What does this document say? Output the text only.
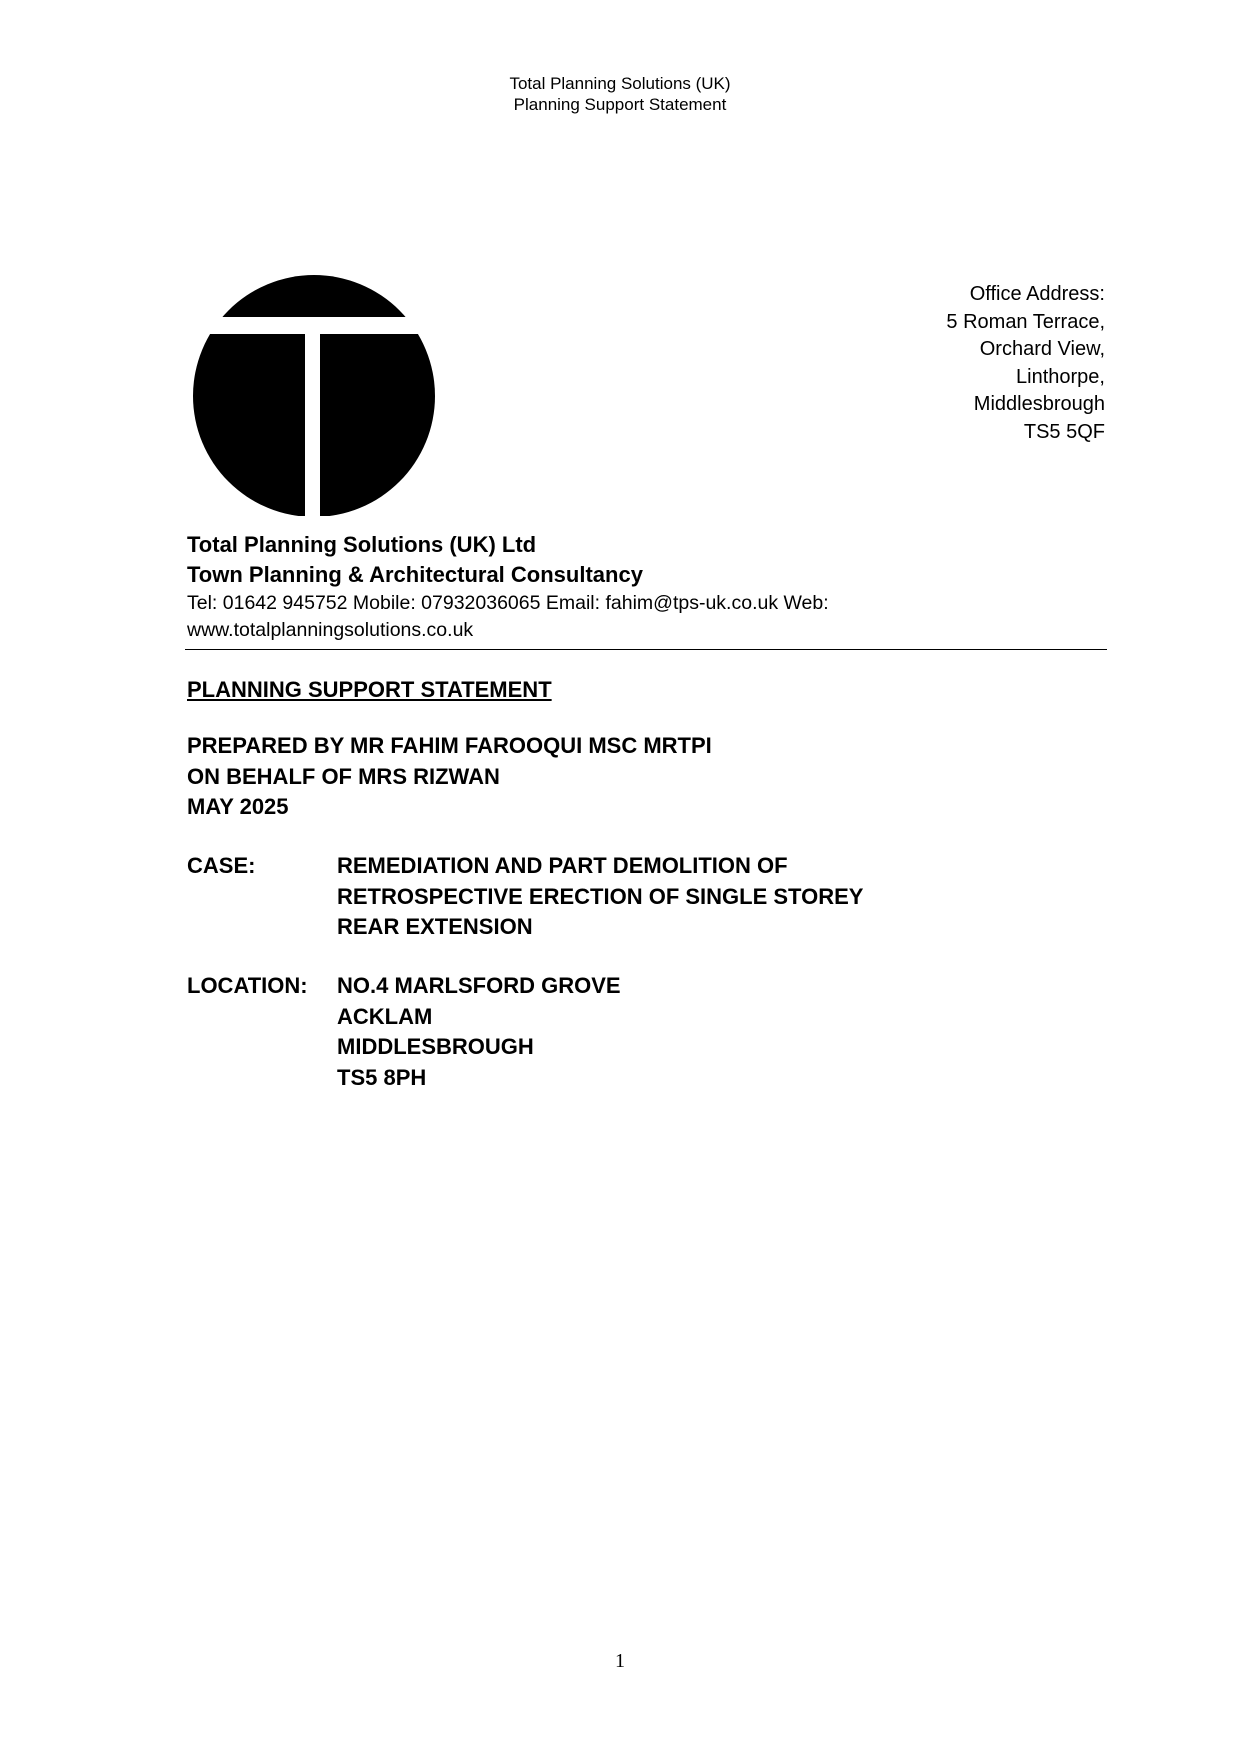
Total Planning Solutions (UK)
Planning Support Statement
Office Address:
5 Roman Terrace,
Orchard View,
Linthorpe,
Middlesbrough
TS5 5QF
Total Planning Solutions (UK) Ltd
Town Planning & Architectural Consultancy
Tel: 01642 945752 Mobile: 07932036065 Email: fahim@tps-uk.co.uk Web:
www.totalplanningsolutions.co.uk
PLANNING SUPPORT STATEMENT
PREPARED BY MR FAHIM FAROOQUI MSC MRTPI
ON BEHALF OF MRS RIZWAN
MAY 2025
CASE:	REMEDIATION AND PART DEMOLITION OF
RETROSPECTIVE ERECTION OF SINGLE STOREY
REAR EXTENSION
LOCATION:	NO.4 MARLSFORD GROVE
ACKLAM
MIDDLESBROUGH
TS5 8PH
1
